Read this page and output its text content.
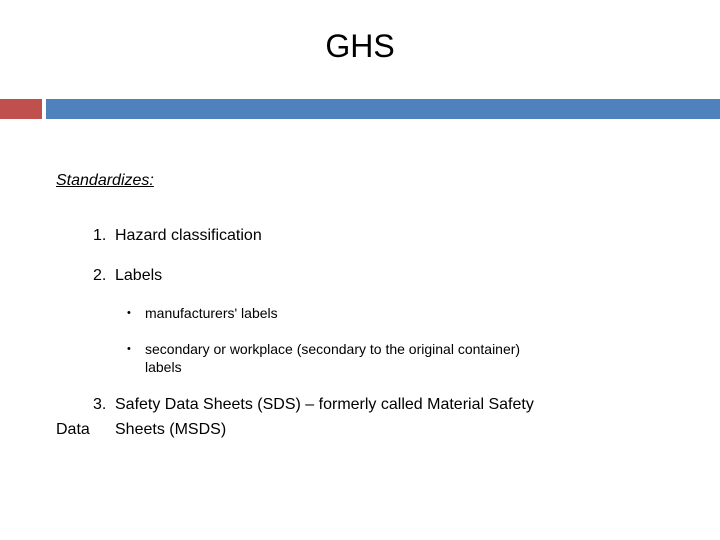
GHS
Standardizes:
1. Hazard classification
2. Labels
• manufacturers' labels
• secondary or workplace (secondary to the original container)
labels
3. Safety Data Sheets (SDS) – formerly called Material Safety
Data Sheets (MSDS)
